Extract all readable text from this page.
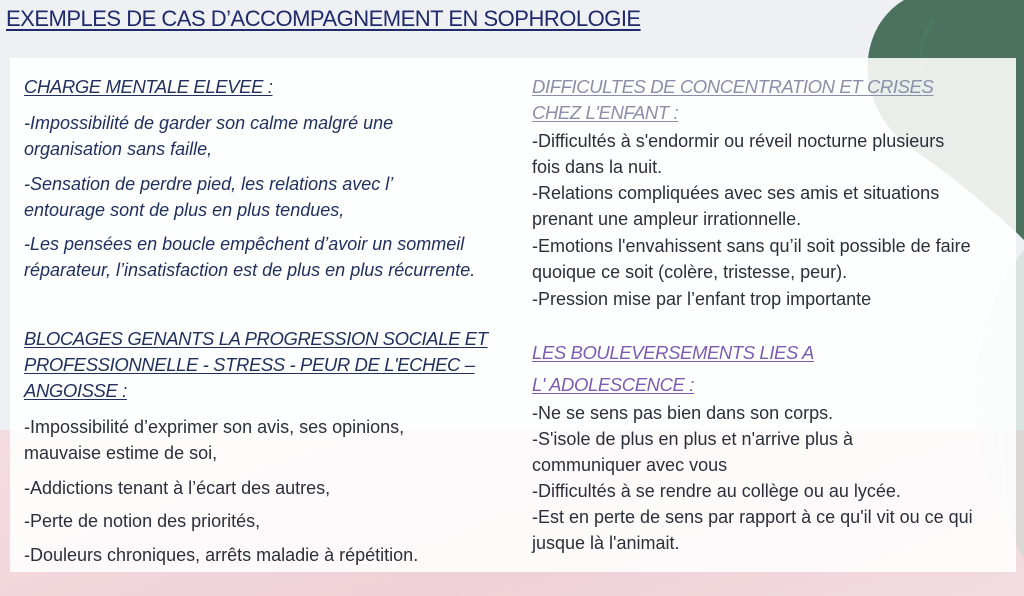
EXEMPLES DE CAS D’ACCOMPAGNEMENT EN SOPHROLOGIE
CHARGE MENTALE ELEVEE :
-Impossibilité de garder son calme malgré une organisation sans faille,
-Sensation de perdre pied, les relations avec l’ entourage sont de plus en plus tendues,
-Les pensées en boucle empêchent d’avoir un sommeil réparateur, l’insatisfaction est de plus en plus récurrente.
BLOCAGES GENANTS LA PROGRESSION SOCIALE ET PROFESSIONNELLE - STRESS - PEUR DE L'ECHEC – ANGOISSE :
-Impossibilité d’exprimer son avis, ses opinions, mauvaise estime de soi,
-Addictions tenant à l’écart des autres,
-Perte de notion des priorités,
-Douleurs chroniques, arrêts maladie à répétition.
DIFFICULTES DE CONCENTRATION ET CRISES CHEZ L'ENFANT :
-Difficultés à s'endormir ou réveil nocturne plusieurs fois dans la nuit.
-Relations compliquées avec ses amis et situations prenant une ampleur irrationnelle.
-Emotions l'envahissent sans qu’il soit possible de faire quoique ce soit (colère, tristesse, peur).
-Pression mise par l’enfant trop importante
LES BOULEVERSEMENTS LIES A
L' ADOLESCENCE :
-Ne se sens pas bien dans son corps.
-S'isole de plus en plus et n'arrive plus à communiquer avec vous
-Difficultés à se rendre au collège ou au lycée.
-Est en perte de sens par rapport à ce qu'il vit ou ce qui jusque là l'animait.
